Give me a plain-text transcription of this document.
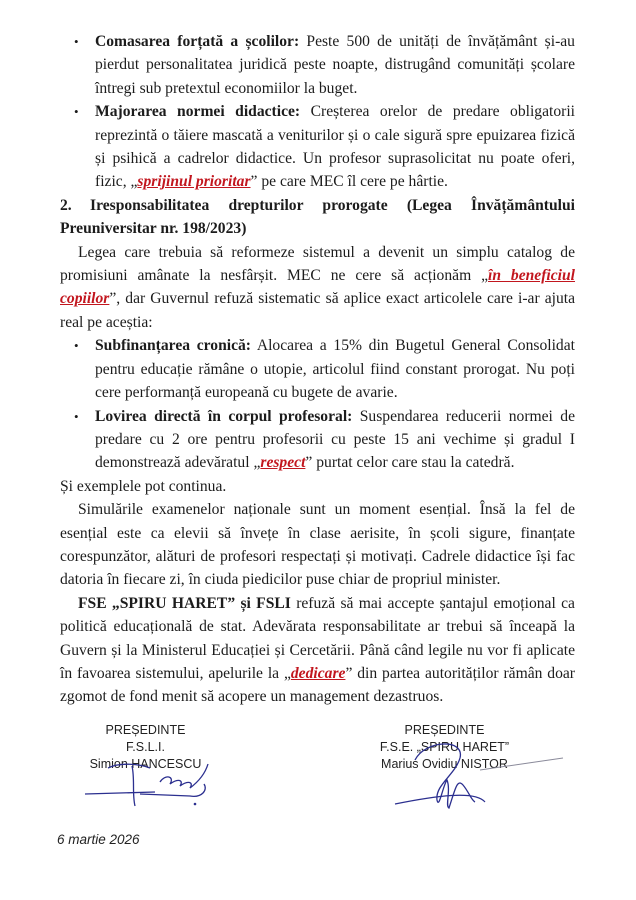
• Comasarea forțată a școlilor: Peste 500 de unități de învățământ și-au pierdut personalitatea juridică peste noapte, distrugând comunități școlare întregi sub pretextul economiilor la buget.
• Majorarea normei didactice: Creșterea orelor de predare obligatorii reprezintă o tăiere mascată a veniturilor și o cale sigură spre epuizarea fizică și psihică a cadrelor didactice. Un profesor suprasolicitat nu poate oferi, fizic, „sprijinul prioritar” pe care MEC îl cere pe hârtie.

2. Iresponsabilitatea drepturilor prorogate (Legea Învățământului Preuniversitar nr. 198/2023)

Legea care trebuia să reformeze sistemul a devenit un simplu catalog de promisiuni amânate la nesfârșit. MEC ne cere să acționăm „în beneficiul copiilor”, dar Guvernul refuză sistematic să aplice exact articolele care i-ar ajuta real pe aceștia:

• Subfinanțarea cronică: Alocarea a 15% din Bugetul General Consolidat pentru educație rămâne o utopie, articolul fiind constant prorogat. Nu poți cere performanță europeană cu bugete de avarie.
• Lovirea directă în corpul profesoral: Suspendarea reducerii normei de predare cu 2 ore pentru profesorii cu peste 15 ani vechime și gradul I demonstrează adevăratul „respect” purtat celor care stau la catedră.

Și exemplele pot continua.

Simulările examenelor naționale sunt un moment esențial. Însă la fel de esențial este ca elevii să învețe în clase aerisite, în școli sigure, finanțate corespunzător, alături de profesori respectați și motivați. Cadrele didactice își fac datoria în fiecare zi, în ciuda piedicilor puse chiar de propriul minister.

FSE „SPIRU HARET” și FSLI refuză să mai accepte șantajul emoțional ca politică educațională de stat. Adevărata responsabilitate ar trebui să înceapă la Guvern și la Ministerul Educației și Cercetării. Până când legile nu vor fi aplicate în favoarea sistemului, apelurile la „dedicare” din partea autorităților rămân doar zgomot de fond menit să acopere un management dezastruos.

PREȘEDINTE
F.S.L.I.
Simion HANCESCU
PREȘEDINTE
F.S.E. „SPIRU HARET”
Marius Ovidiu NISTOR
6 martie 2026
